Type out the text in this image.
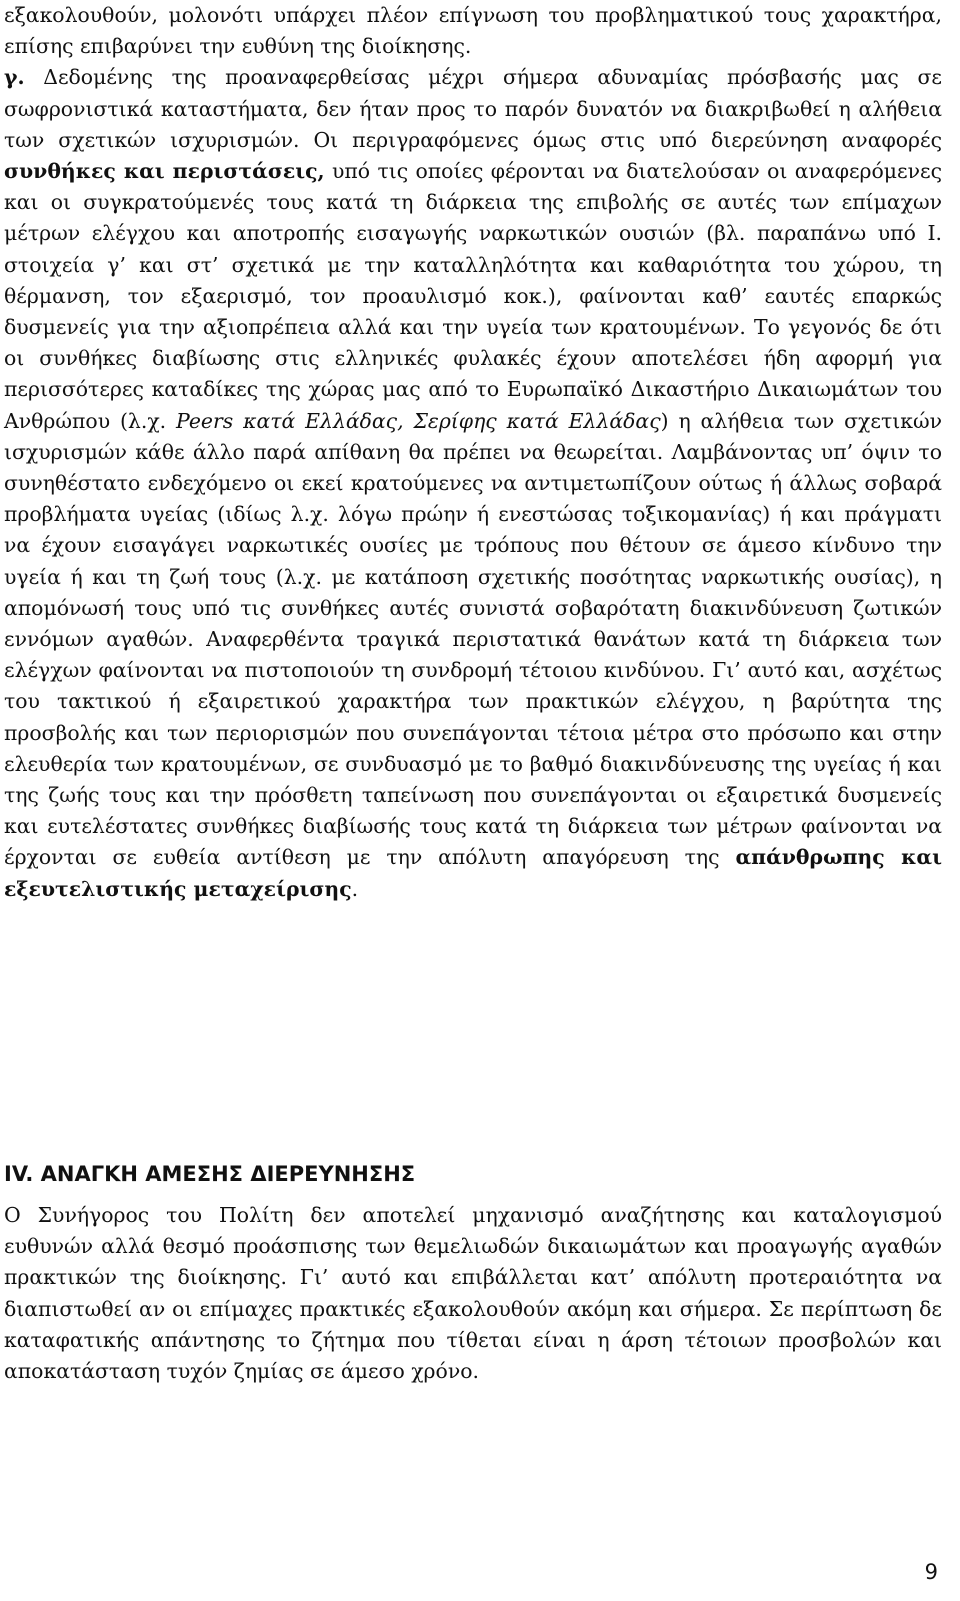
εξακολουθούν, μολονότι υπάρχει πλέον επίγνωση του προβληματικού τους χαρακτήρα, επίσης επιβαρύνει την ευθύνη της διοίκησης.
γ. Δεδομένης της προαναφερθείσας μέχρι σήμερα αδυναμίας πρόσβασής μας σε σωφρονιστικά καταστήματα, δεν ήταν προς το παρόν δυνατόν να διακριβωθεί η αλήθεια των σχετικών ισχυρισμών. Οι περιγραφόμενες όμως στις υπό διερεύνηση αναφορές συνθήκες και περιστάσεις, υπό τις οποίες φέρονται να διατελούσαν οι αναφερόμενες και οι συγκρατούμενές τους κατά τη διάρκεια της επιβολής σε αυτές των επίμαχων μέτρων ελέγχου και αποτροπής εισαγωγής ναρκωτικών ουσιών (βλ. παραπάνω υπό Ι. στοιχεία γ’ και στ’ σχετικά με την καταλληλότητα και καθαριότητα του χώρου, τη θέρμανση, τον εξαερισμό, τον προαυλισμό κοκ.), φαίνονται καθ’ εαυτές επαρκώς δυσμενείς για την αξιοπρέπεια αλλά και την υγεία των κρατουμένων. Το γεγονός δε ότι οι συνθήκες διαβίωσης στις ελληνικές φυλακές έχουν αποτελέσει ήδη αφορμή για περισσότερες καταδίκες της χώρας μας από το Ευρωπαϊκό Δικαστήριο Δικαιωμάτων του Ανθρώπου (λ.χ. Peers κατά Ελλάδας, Σερίφης κατά Ελλάδας) η αλήθεια των σχετικών ισχυρισμών κάθε άλλο παρά απίθανη θα πρέπει να θεωρείται. Λαμβάνοντας υπ’ όψιν το συνηθέστατο ενδεχόμενο οι εκεί κρατούμενες να αντιμετωπίζουν ούτως ή άλλως σοβαρά προβλήματα υγείας (ιδίως λ.χ. λόγω πρώην ή ενεστώσας τοξικομανίας) ή και πράγματι να έχουν εισαγάγει ναρκωτικές ουσίες με τρόπους που θέτουν σε άμεσο κίνδυνο την υγεία ή και τη ζωή τους (λ.χ. με κατάποση σχετικής ποσότητας ναρκωτικής ουσίας), η απομόνωσή τους υπό τις συνθήκες αυτές συνιστά σοβαρότατη διακινδύνευση ζωτικών εννόμων αγαθών. Αναφερθέντα τραγικά περιστατικά θανάτων κατά τη διάρκεια των ελέγχων φαίνονται να πιστοποιούν τη συνδρομή τέτοιου κινδύνου. Γι’ αυτό και, ασχέτως του τακτικού ή εξαιρετικού χαρακτήρα των πρακτικών ελέγχου, η βαρύτητα της προσβολής και των περιορισμών που συνεπάγονται τέτοια μέτρα στο πρόσωπο και στην ελευθερία των κρατουμένων, σε συνδυασμό με το βαθμό διακινδύνευσης της υγείας ή και της ζωής τους και την πρόσθετη ταπείνωση που συνεπάγονται οι εξαιρετικά δυσμενείς και ευτελέστατες συνθήκες διαβίωσής τους κατά τη διάρκεια των μέτρων φαίνονται να έρχονται σε ευθεία αντίθεση με την απόλυτη απαγόρευση της απάνθρωπης και εξευτελιστικής μεταχείρισης.
IV. ΑΝΑΓΚΗ ΑΜΕΣΗΣ ΔΙΕΡΕΥΝΗΣΗΣ
Ο Συνήγορος του Πολίτη δεν αποτελεί μηχανισμό αναζήτησης και καταλογισμού ευθυνών αλλά θεσμό προάσπισης των θεμελιωδών δικαιωμάτων και προαγωγής αγαθών πρακτικών της διοίκησης. Γι’ αυτό και επιβάλλεται κατ’ απόλυτη προτεραιότητα να διαπιστωθεί αν οι επίμαχες πρακτικές εξακολουθούν ακόμη και σήμερα. Σε περίπτωση δε καταφατικής απάντησης το ζήτημα που τίθεται είναι η άρση τέτοιων προσβολών και αποκατάσταση τυχόν ζημίας σε άμεσο χρόνο.
9
